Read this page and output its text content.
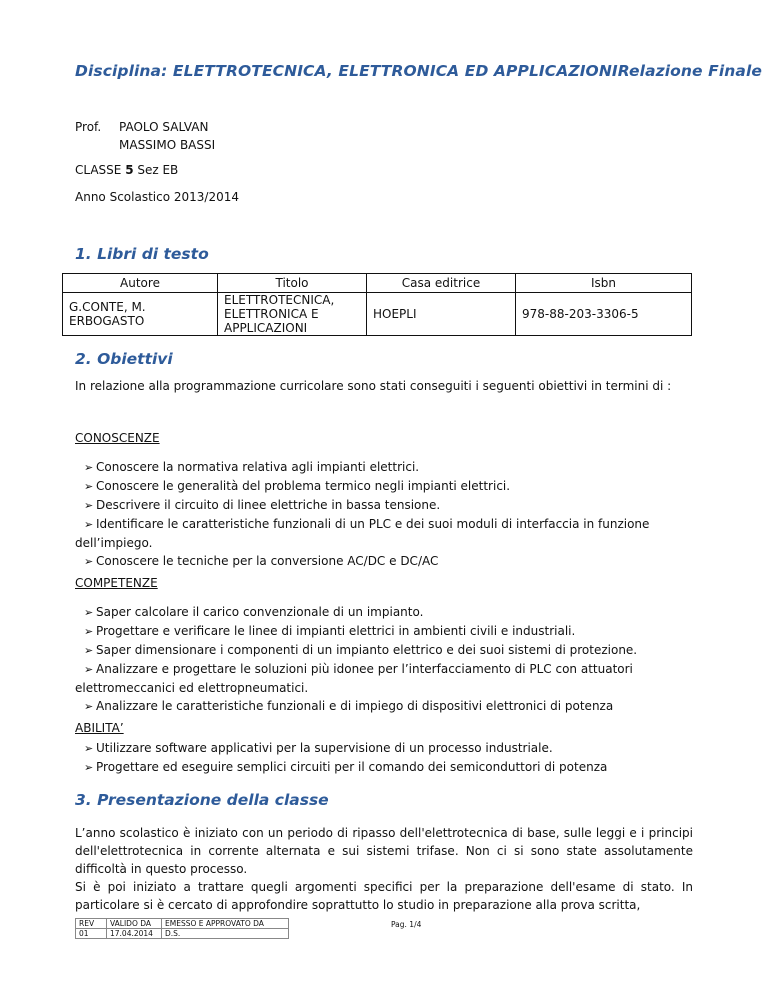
Disciplina: ELETTROTECNICA, ELETTRONICA ED APPLICAZIONIRelazione Finale

Prof. PAOLO SALVAN
MASSIMO BASSI
CLASSE 5 Sez EB
Anno Scolastico 2013/2014
1. Libri di testo
Autore	Titolo	Casa editrice	Isbn
G.CONTE, M. ERBOGASTO	ELETTROTECNICA, ELETTRONICA E APPLICAZIONI	HOEPLI	978-88-203-3306-5
2. Obiettivi

In relazione alla programmazione curricolare sono stati conseguiti i seguenti obiettivi in termini di :

CONOSCENZE

➢ Conoscere la normativa relativa agli impianti elettrici.
➢ Conoscere le generalità del problema termico negli impianti elettrici.
➢ Descrivere il circuito di linee elettriche in bassa tensione.
➢ Identificare le caratteristiche funzionali di un PLC e dei suoi moduli di interfaccia in funzione dell’impiego.
➢ Conoscere le tecniche per la conversione AC/DC e DC/AC

COMPETENZE

➢ Saper calcolare il carico convenzionale di un impianto.
➢ Progettare e verificare le linee di impianti elettrici in ambienti civili e industriali.
➢ Saper dimensionare i componenti di un impianto elettrico e dei suoi sistemi di protezione.
➢ Analizzare e progettare le soluzioni più idonee per l’interfacciamento di PLC con attuatori elettromeccanici ed elettropneumatici.
➢ Analizzare le caratteristiche funzionali e di impiego di dispositivi elettronici di potenza

ABILITA’

➢ Utilizzare software applicativi per la supervisione di un processo industriale.
➢ Progettare ed eseguire semplici circuiti per il comando dei semiconduttori di potenza
3. Presentazione della classe

L’anno scolastico è iniziato con un periodo di ripasso dell'elettrotecnica di base, sulle leggi e i principi dell'elettrotecnica in corrente alternata e sui sistemi trifase. Non ci si sono state assolutamente difficoltà in questo processo.

Si è poi iniziato a trattare quegli argomenti specifici per la preparazione dell'esame di stato. In particolare si è cercato di approfondire soprattutto lo studio in preparazione alla prova scritta,

REV	VALIDO DA	EMESSO E APPROVATO DA
01	17.04.2014	D.S.
Pag. 1/4
